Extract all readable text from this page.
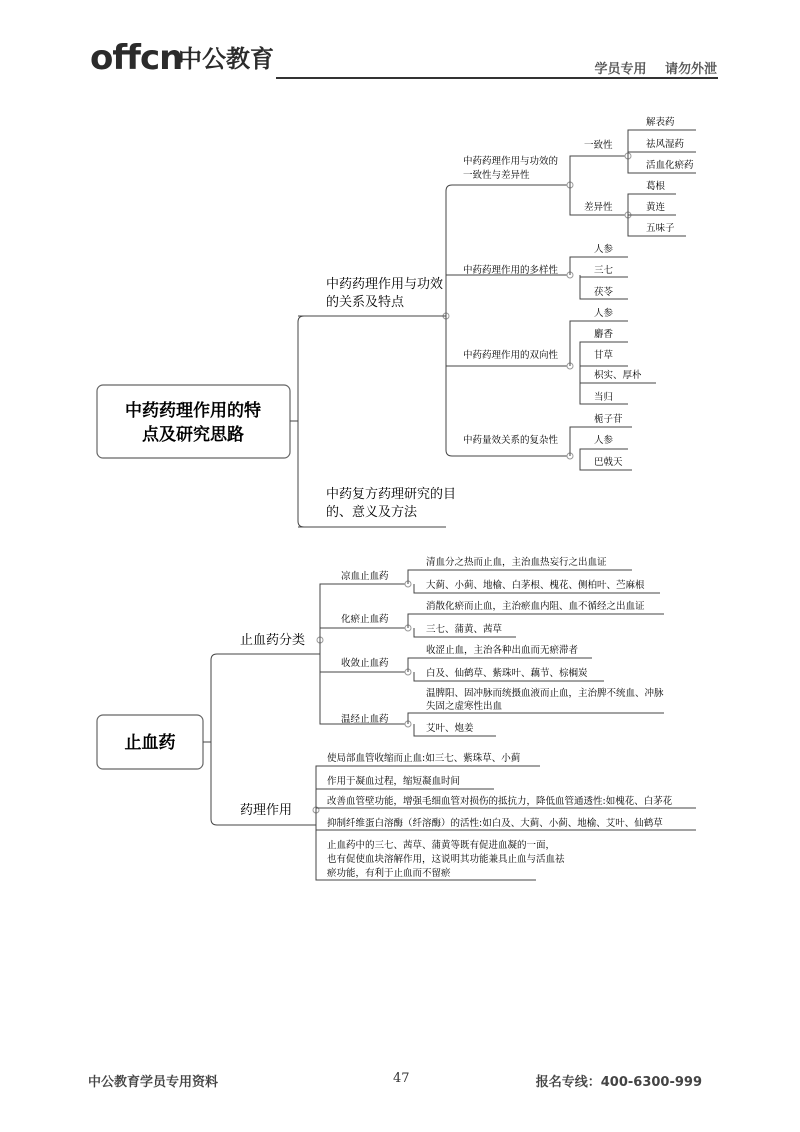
offcn
中公教育	学员专用 请勿外泄
中药药理作用的特
点及研究思路
中药药理作用与功效
的关系及特点
中药复方药理研究的目
的、意义及方法
中药药理作用与功效的
一致性与差异性
一致性
差异性
解表药
祛风湿药
活血化瘀药
葛根
黄连
五味子
中药药理作用的多样性
人参
三七
茯苓
中药药理作用的双向性
人参
麝香
甘草
枳实、厚朴
当归
中药量效关系的复杂性
栀子苷
人参
巴戟天
止血药
止血药分类
药理作用
凉血止血药
化瘀止血药
收敛止血药
温经止血药
清血分之热而止血，主治血热妄行之出血证
大蓟、小蓟、地榆、白茅根、槐花、侧柏叶、苎麻根
消散化瘀而止血，主治瘀血内阻、血不循经之出血证
三七、蒲黄、茜草
收涩止血，主治各种出血而无瘀滞者
白及、仙鹤草、紫珠叶、藕节、棕榈炭
温脾阳、固冲脉而统摄血液而止血，主治脾不统血、冲脉
失固之虚寒性出血
艾叶、炮姜
使局部血管收缩而止血:如三七、紫珠草、小蓟
作用于凝血过程，缩短凝血时间
改善血管壁功能，增强毛细血管对损伤的抵抗力，降低血管通透性:如槐花、白茅花
抑制纤维蛋白溶酶（纤溶酶）的活性:如白及、大蓟、小蓟、地榆、艾叶、仙鹤草
止血药中的三七、茜草、蒲黄等既有促进血凝的一面，
也有促使血块溶解作用，这说明其功能兼具止血与活血祛
瘀功能，有利于止血而不留瘀
中公教育学员专用资料	47	报名专线：400-6300-999
